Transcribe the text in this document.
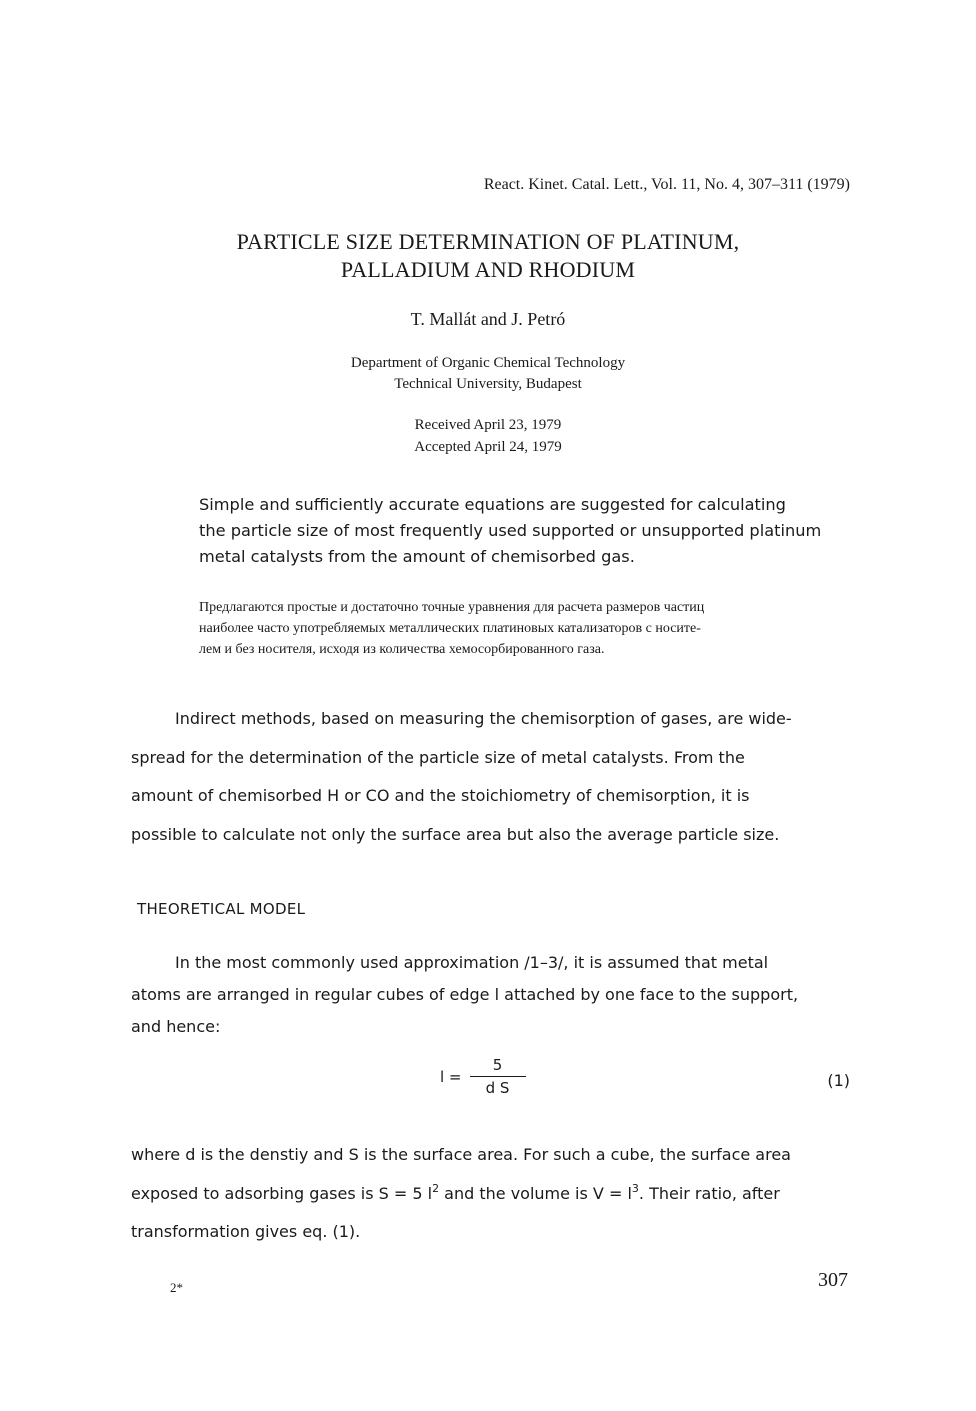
React. Kinet. Catal. Lett., Vol. 11, No. 4, 307–311 (1979)
PARTICLE SIZE DETERMINATION OF PLATINUM,
PALLADIUM AND RHODIUM
T. Mallát and J. Petró
Department of Organic Chemical Technology
Technical University, Budapest
Received April 23, 1979
Accepted April 24, 1979
Simple and sufficiently accurate equations are suggested for calculating
the particle size of most frequently used supported or unsupported platinum
metal catalysts from the amount of chemisorbed gas.
Предлагаются простые и достаточно точные уравнения для расчета размеров частиц
наиболее часто употребляемых металлических платиновых катализаторов с носите-
лем и без носителя, исходя из количества хемосорбированного газа.
Indirect methods, based on measuring the chemisorption of gases, are wide-
spread for the determination of the particle size of metal catalysts. From the
amount of chemisorbed H or CO and the stoichiometry of chemisorption, it is
possible to calculate not only the surface area but also the average particle size.
THEORETICAL MODEL
In the most commonly used approximation /1–3/, it is assumed that metal
atoms are arranged in regular cubes of edge l attached by one face to the support,
and hence:
$l = \frac{5}{\text{d S}}$	(1)
where d is the denstiy and S is the surface area. For such a cube, the surface area
exposed to adsorbing gases is S = 5 $l^2$ and the volume is $V = l^3$. Their ratio, after
transformation gives eq. (1).
2*	307
